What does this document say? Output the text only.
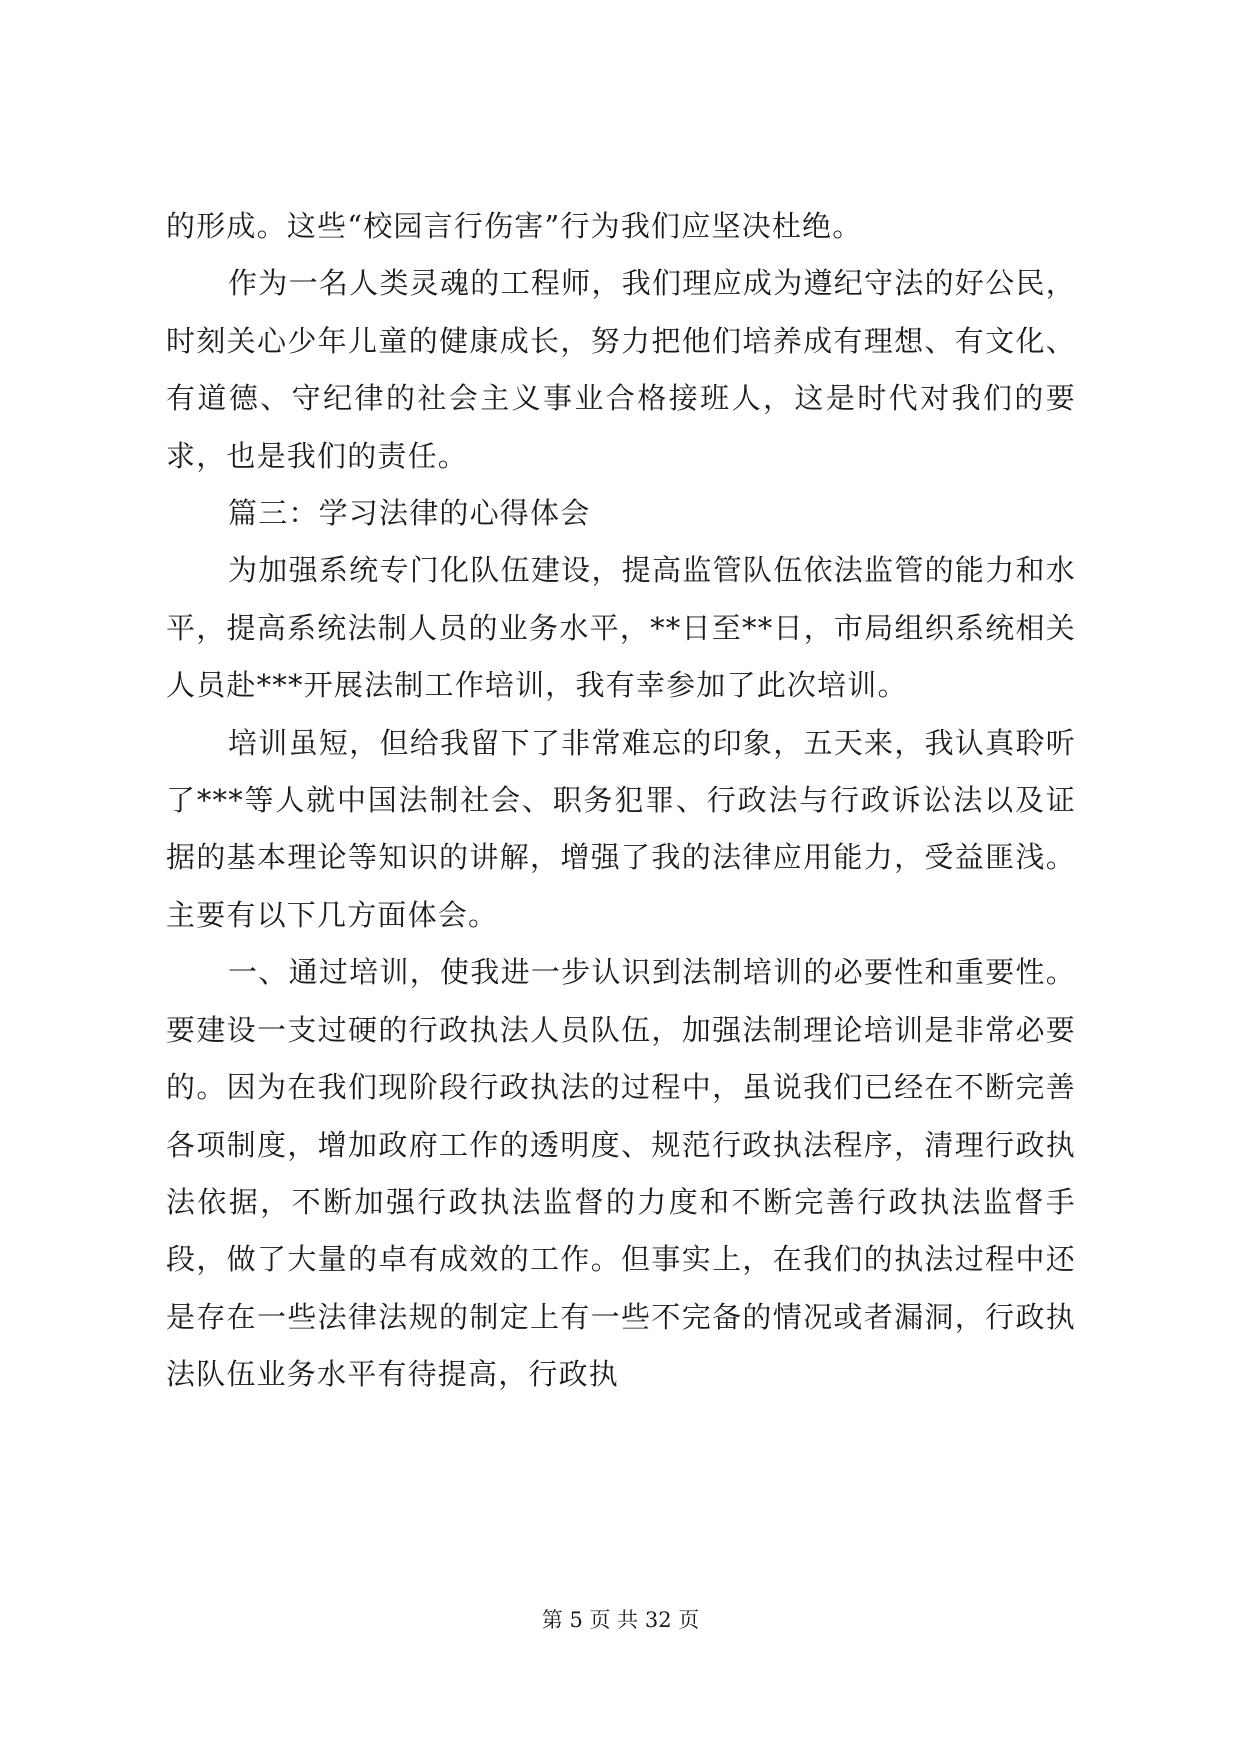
的形成。这些“校园言行伤害”行为我们应坚决杜绝。

作为一名人类灵魂的工程师，我们理应成为遵纪守法的好公民，时刻关心少年儿童的健康成长，努力把他们培养成有理想、有文化、有道德、守纪律的社会主义事业合格接班人，这是时代对我们的要求，也是我们的责任。

篇三：学习法律的心得体会

为加强系统专门化队伍建设，提高监管队伍依法监管的能力和水平，提高系统法制人员的业务水平，**日至**日，市局组织系统相关人员赴***开展法制工作培训，我有幸参加了此次培训。

培训虽短，但给我留下了非常难忘的印象，五天来，我认真聆听了***等人就中国法制社会、职务犯罪、行政法与行政诉讼法以及证据的基本理论等知识的讲解，增强了我的法律应用能力，受益匪浅。主要有以下几方面体会。

一、通过培训，使我进一步认识到法制培训的必要性和重要性。要建设一支过硬的行政执法人员队伍，加强法制理论培训是非常必要的。因为在我们现阶段行政执法的过程中，虽说我们已经在不断完善各项制度，增加政府工作的透明度、规范行政执法程序，清理行政执法依据，不断加强行政执法监督的力度和不断完善行政执法监督手段，做了大量的卓有成效的工作。但事实上，在我们的执法过程中还是存在一些法律法规的制定上有一些不完备的情况或者漏洞，行政执法队伍业务水平有待提高，行政执

第 5 页 共 32 页
